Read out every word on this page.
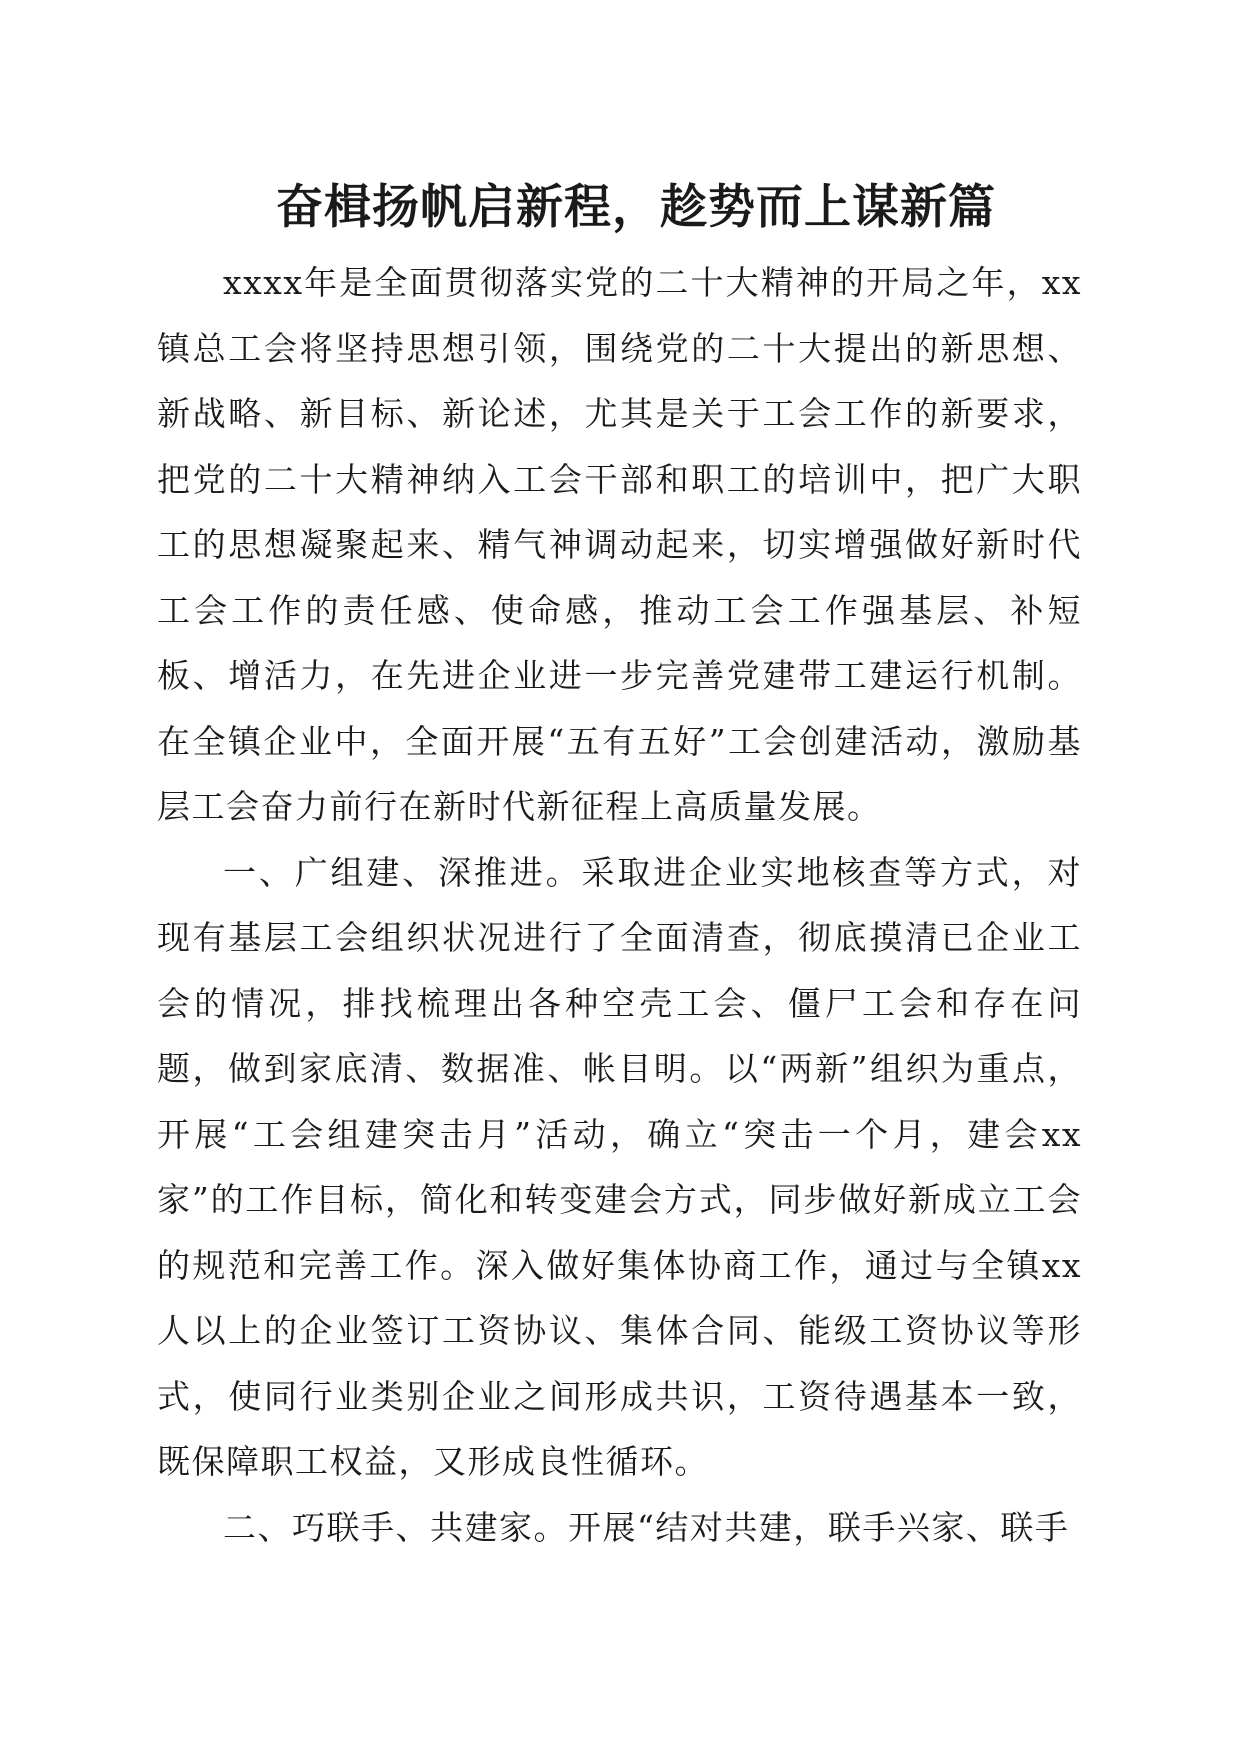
奋楫扬帆启新程，趁势而上谋新篇

xxxx年是全面贯彻落实党的二十大精神的开局之年，xx镇总工会将坚持思想引领，围绕党的二十大提出的新思想、新战略、新目标、新论述，尤其是关于工会工作的新要求，把党的二十大精神纳入工会干部和职工的培训中，把广大职工的思想凝聚起来、精气神调动起来，切实增强做好新时代工会工作的责任感、使命感，推动工会工作强基层、补短板、增活力，在先进企业进一步完善党建带工建运行机制。在全镇企业中，全面开展“五有五好”工会创建活动，激励基层工会奋力前行在新时代新征程上高质量发展。

一、广组建、深推进。采取进企业实地核查等方式，对现有基层工会组织状况进行了全面清查，彻底摸清已企业工会的情况，排找梳理出各种空壳工会、僵尸工会和存在问题，做到家底清、数据准、帐目明。以“两新”组织为重点，开展“工会组建突击月”活动，确立“突击一个月，建会xx家”的工作目标，简化和转变建会方式，同步做好新成立工会的规范和完善工作。深入做好集体协商工作，通过与全镇xx人以上的企业签订工资协议、集体合同、能级工资协议等形式，使同行业类别企业之间形成共识，工资待遇基本一致，既保障职工权益，又形成良性循环。

二、巧联手、共建家。开展“结对共建，联手兴家、联手
